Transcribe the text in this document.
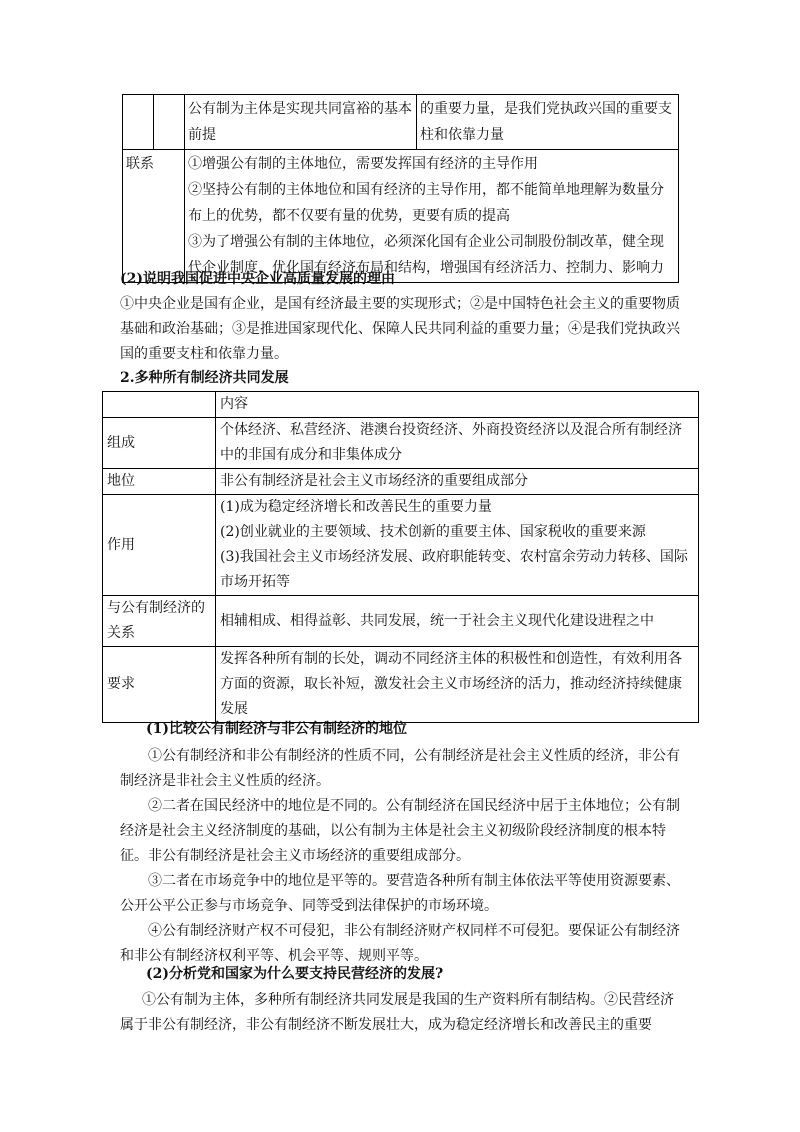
		公有制为主体是实现共同富裕的基本前提	的重要力量，是我们党执政兴国的重要支柱和依靠力量
联系		①增强公有制的主体地位，需要发挥国有经济的主导作用

②坚持公有制的主体地位和国有经济的主导作用，都不能简单地理解为数量分布上的优势，都不仅要有量的优势，更要有质的提高

③为了增强公有制的主体地位，必须深化国有企业公司制股份制改革，健全现代企业制度，优化国有经济布局和结构，增强国有经济活力、控制力、影响力	

(2)说明我国促进中央企业高质量发展的理由
①中央企业是国有企业，是国有经济最主要的实现形式；②是中国特色社会主义的重要物质基础和政治基础；③是推进国家现代化、保障人民共同利益的重要力量；④是我们党执政兴国的重要支柱和依靠力量。
2.多种所有制经济共同发展
	内容
组成	个体经济、私营经济、港澳台投资经济、外商投资经济以及混合所有制经济中的非国有成分和非集体成分
地位	非公有制经济是社会主义市场经济的重要组成部分
作用	(1)成为稳定经济增长和改善民生的重要力量

(2)创业就业的主要领域、技术创新的重要主体、国家税收的重要来源

(3)我国社会主义市场经济发展、政府职能转变、农村富余劳动力转移、国际市场开拓等

与公有制经济的关系	相辅相成、相得益彰、共同发展，统一于社会主义现代化建设进程之中
要求	发挥各种所有制的长处，调动不同经济主体的积极性和创造性，有效利用各方面的资源，取长补短，激发社会主义市场经济的活力，推动经济持续健康发展
(1)比较公有制经济与非公有制经济的地位

①公有制经济和非公有制经济的性质不同，公有制经济是社会主义性质的经济，非公有制经济是非社会主义性质的经济。

②二者在国民经济中的地位是不同的。公有制经济在国民经济中居于主体地位；公有制经济是社会主义经济制度的基础，以公有制为主体是社会主义初级阶段经济制度的根本特征。非公有制经济是社会主义市场经济的重要组成部分。

③二者在市场竞争中的地位是平等的。要营造各种所有制主体依法平等使用资源要素、公开公平公正参与市场竞争、同等受到法律保护的市场环境。

④公有制经济财产权不可侵犯，非公有制经济财产权同样不可侵犯。要保证公有制经济和非公有制经济权利平等、机会平等、规则平等。

(2)分析党和国家为什么要支持民营经济的发展?
①公有制为主体，多种所有制经济共同发展是我国的生产资料所有制结构。②民营经济属于非公有制经济，非公有制经济不断发展壮大，成为稳定经济增长和改善民主的重要
